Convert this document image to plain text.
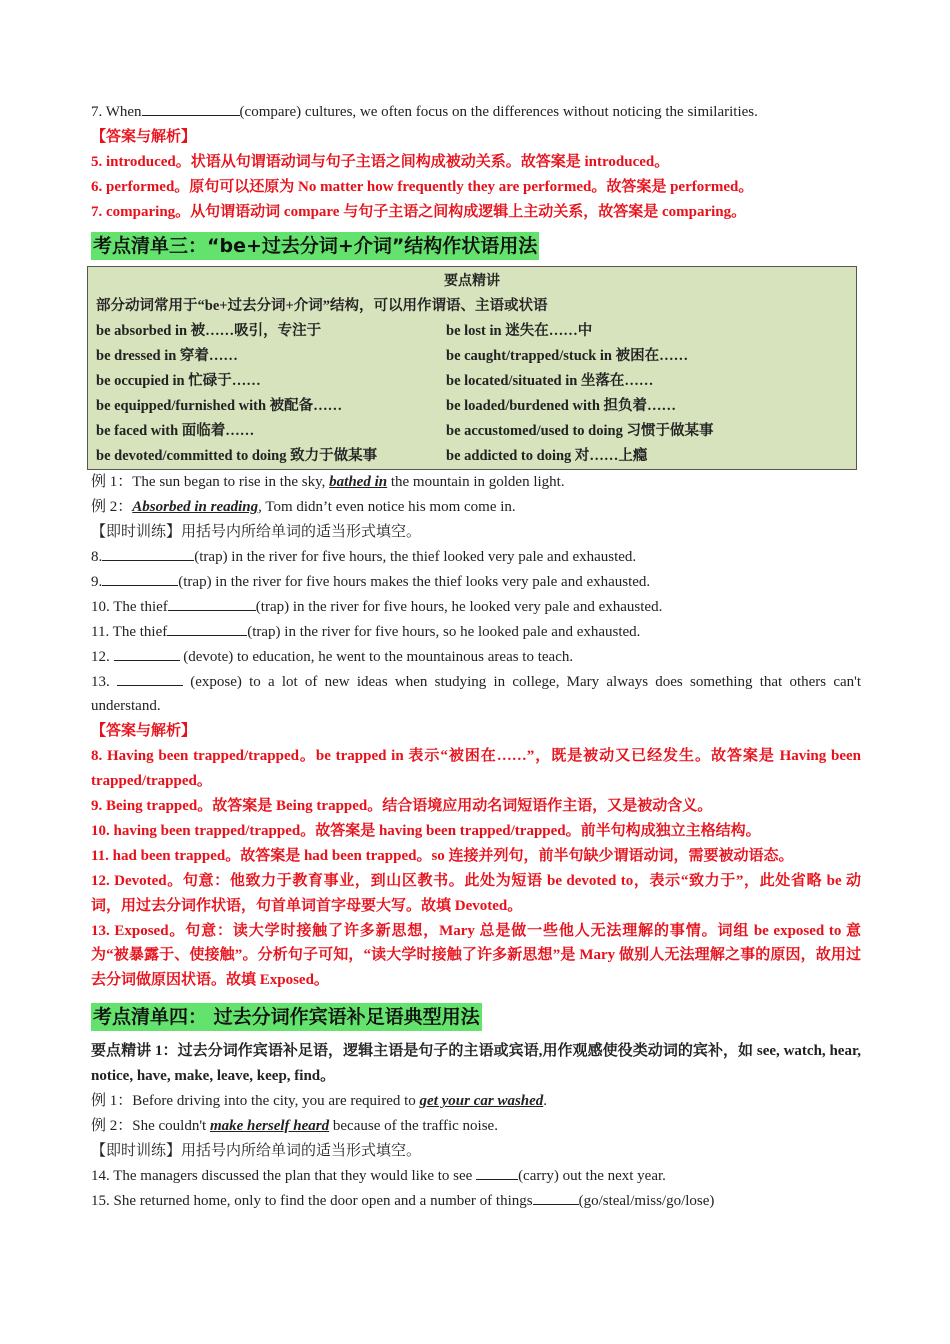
7. When	(compare) cultures, we often focus on the differences without noticing the similarities.
【答案与解析】
5. introduced。状语从句谓语动词与句子主语之间构成被动关系。故答案是 introduced。
6. performed。原句可以还原为 No matter how frequently they are performed。故答案是 performed。
7. comparing。从句谓语动词 compare 与句子主语之间构成逻辑上主动关系，故答案是 comparing。
考点清单三：“be+过去分词+介词”结构作状语用法
要点精讲
部分动词常用于“be+过去分词+介词”结构，可以用作谓语、主语或状语
be absorbed in 被……吸引，专注于	be lost in 迷失在……中
be dressed in 穿着……	be caught/trapped/stuck in 被困在……
be occupied in 忙碌于……	be located/situated in 坐落在……
be equipped/furnished with 被配备……	be loaded/burdened with 担负着……
be faced with 面临着……	be accustomed/used to doing 习惯于做某事
be devoted/committed to doing 致力于做某事	be addicted to doing 对……上瘾
例 1：The sun began to rise in the sky, bathed in the mountain in golden light.
例 2：Absorbed in reading, Tom didn’t even notice his mom come in.
【即时训练】用括号内所给单词的适当形式填空。
8.	(trap) in the river for five hours, the thief looked very pale and exhausted.
9.	(trap) in the river for five hours makes the thief looks very pale and exhausted.
10. The thief	(trap) in the river for five hours, he looked very pale and exhausted.
11. The thief	(trap) in the river for five hours, so he looked pale and exhausted.
12.	(devote) to education, he went to the mountainous areas to teach.
13.	(expose) to a lot of new ideas when studying in college, Mary always does something that others can't understand.
【答案与解析】
8. Having been trapped/trapped。be trapped in 表示“被困在……”，既是被动又已经发生。故答案是 Having been trapped/trapped。
9. Being trapped。故答案是 Being trapped。结合语境应用动名词短语作主语，又是被动含义。
10. having been trapped/trapped。故答案是 having been trapped/trapped。前半句构成独立主格结构。
11. had been trapped。故答案是 had been trapped。so 连接并列句，前半句缺少谓语动词，需要被动语态。
12. Devoted。句意：他致力于教育事业，到山区教书。此处为短语 be devoted to，表示“致力于”，此处省略 be 动词，用过去分词作状语，句首单词首字母要大写。故填 Devoted。
13. Exposed。句意：读大学时接触了许多新思想，Mary 总是做一些他人无法理解的事情。词组 be exposed to 意为“被暴露于、使接触”。分析句子可知，“读大学时接触了许多新思想”是 Mary 做别人无法理解之事的原因，故用过去分词做原因状语。故填 Exposed。
考点清单四： 过去分词作宾语补足语典型用法
要点精讲 1：过去分词作宾语补足语，逻辑主语是句子的主语或宾语,用作观感使役类动词的宾补，如 see, watch, hear, notice, have, make, leave, keep, find。
例 1：Before driving into the city, you are required to get your car washed.
例 2：She couldn't make herself heard because of the traffic noise.
【即时训练】用括号内所给单词的适当形式填空。
14. The managers discussed the plan that they would like to see	(carry) out the next year.
15. She returned home, only to find the door open and a number of things	(go/steal/miss/go/lose)
